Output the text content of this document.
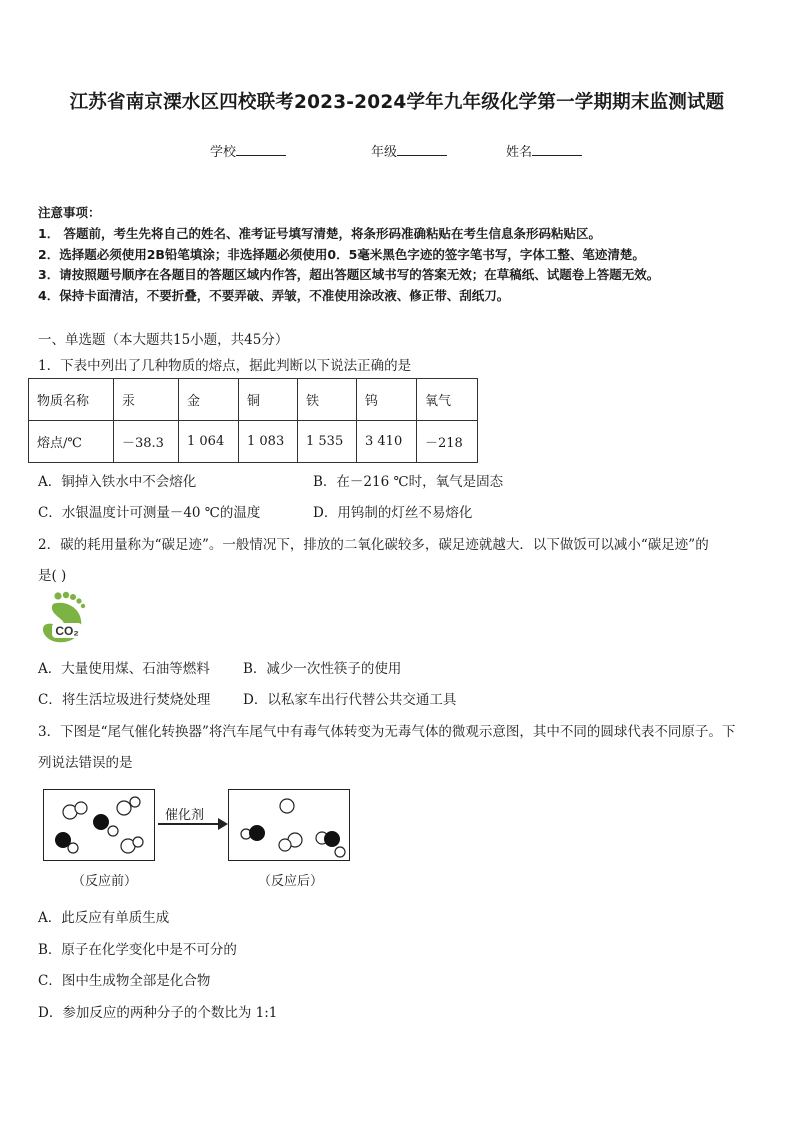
江苏省南京溧水区四校联考2023-2024学年九年级化学第一学期期末监测试题
学校	年级	姓名
注意事项：
1． 答题前，考生先将自己的姓名、准考证号填写清楚，将条形码准确粘贴在考生信息条形码粘贴区。
2．选择题必须使用2B铅笔填涂；非选择题必须使用0．5毫米黑色字迹的签字笔书写，字体工整、笔迹清楚。
3．请按照题号顺序在各题目的答题区域内作答，超出答题区域书写的答案无效；在草稿纸、试题卷上答题无效。
4．保持卡面清洁，不要折叠，不要弄破、弄皱，不准使用涂改液、修正带、刮纸刀。
一、单选题（本大题共15小题，共45分）
1．下表中列出了几种物质的熔点，据此判断以下说法正确的是
物质名称	汞	金	铜	铁	钨	氧气
熔点/℃	－38.3	1 064	1 083	1 535	3 410	－218
A．铜掉入铁水中不会熔化	B．在－216 ℃时，氧气是固态
C．水银温度计可测量－40 ℃的温度	D．用钨制的灯丝不易熔化
2．碳的耗用量称为“碳足迹”。一般情况下，排放的二氧化碳较多，碳足迹就越大．以下做饭可以减小“碳足迹”的
是( )
CO₂
A．大量使用煤、石油等燃料 B．减少一次性筷子的使用
C．将生活垃圾进行焚烧处理 D．以私家车出行代替公共交通工具
3．下图是“尾气催化转换器”将汽车尾气中有毒气体转变为无毒气体的微观示意图，其中不同的圆球代表不同原子。下
列说法错误的是
催化剂
（反应前）	（反应后）
A．此反应有单质生成
B．原子在化学变化中是不可分的
C．图中生成物全部是化合物
D．参加反应的两种分子的个数比为 1:1
